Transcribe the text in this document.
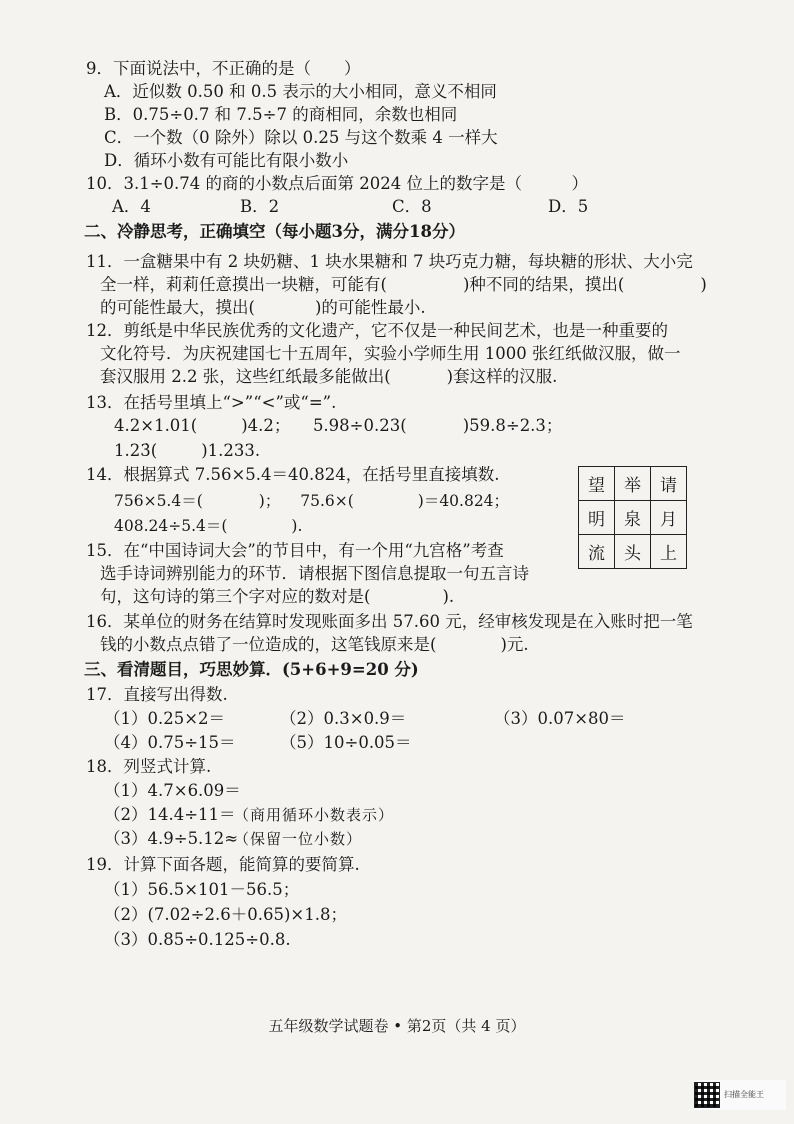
9．下面说法中，不正确的是（　　）
A．近似数 0.50 和 0.5 表示的大小相同，意义不相同
B．0.75÷0.7 和 7.5÷7 的商相同，余数也相同
C．一个数（0 除外）除以 0.25 与这个数乘 4 一样大
D．循环小数有可能比有限小数小
10．3.1÷0.74 的商的小数点后面第 2024 位上的数字是（　　　）
A．4	B．2	C．8	D．5
二、冷静思考，正确填空（每小题3分，满分18分）
11．一盒糖果中有 2 块奶糖、1 块水果糖和 7 块巧克力糖，每块糖的形状、大小完
全一样，莉莉任意摸出一块糖，可能有(	)种不同的结果，摸出(	)
的可能性最大，摸出(	)的可能性最小.
12．剪纸是中华民族优秀的文化遗产，它不仅是一种民间艺术，也是一种重要的
文化符号．为庆祝建国七十五周年，实验小学师生用 1000 张红纸做汉服，做一
套汉服用 2.2 张，这些红纸最多能做出(	)套这样的汉服.
13．在括号里填上“>”“<”或“=”.
4.2×1.01(	)4.2； 5.98÷0.23(	)59.8÷2.3；
1.23̇(	)1.233.
14．根据算式 7.56×5.4＝40.824，在括号里直接填数.
756×5.4＝(	)； 75.6×(	)＝40.824；
408.24÷5.4＝(	).
望	举	请
明	泉	月
流	头	上
15．在“中国诗词大会”的节目中，有一个用“九宫格”考查
选手诗词辨别能力的环节．请根据下图信息提取一句五言诗
句，这句诗的第三个字对应的数对是(	).
16．某单位的财务在结算时发现账面多出 57.60 元，经审核发现是在入账时把一笔
钱的小数点点错了一位造成的，这笔钱原来是(	)元.
三、看清题目，巧思妙算．(5+6+9=20 分)
17．直接写出得数.
（1）0.25×2＝	（2）0.3×0.9＝	（3）0.07×80＝
（4）0.75÷15＝	（5）10÷0.05＝
18．列竖式计算.
（1）4.7×6.09＝
（2）14.4÷11＝
（商用循环小数表示）
（3）4.9÷5.12≈
（保留一位小数）
19．计算下面各题，能简算的要简算.
（1）56.5×101－56.5；
（2）(7.02÷2.6＋0.65)×1.8；
（3）0.85÷0.125÷0.8.
五年级数学试题卷 • 第2页（共 4 页）
扫描全能王
